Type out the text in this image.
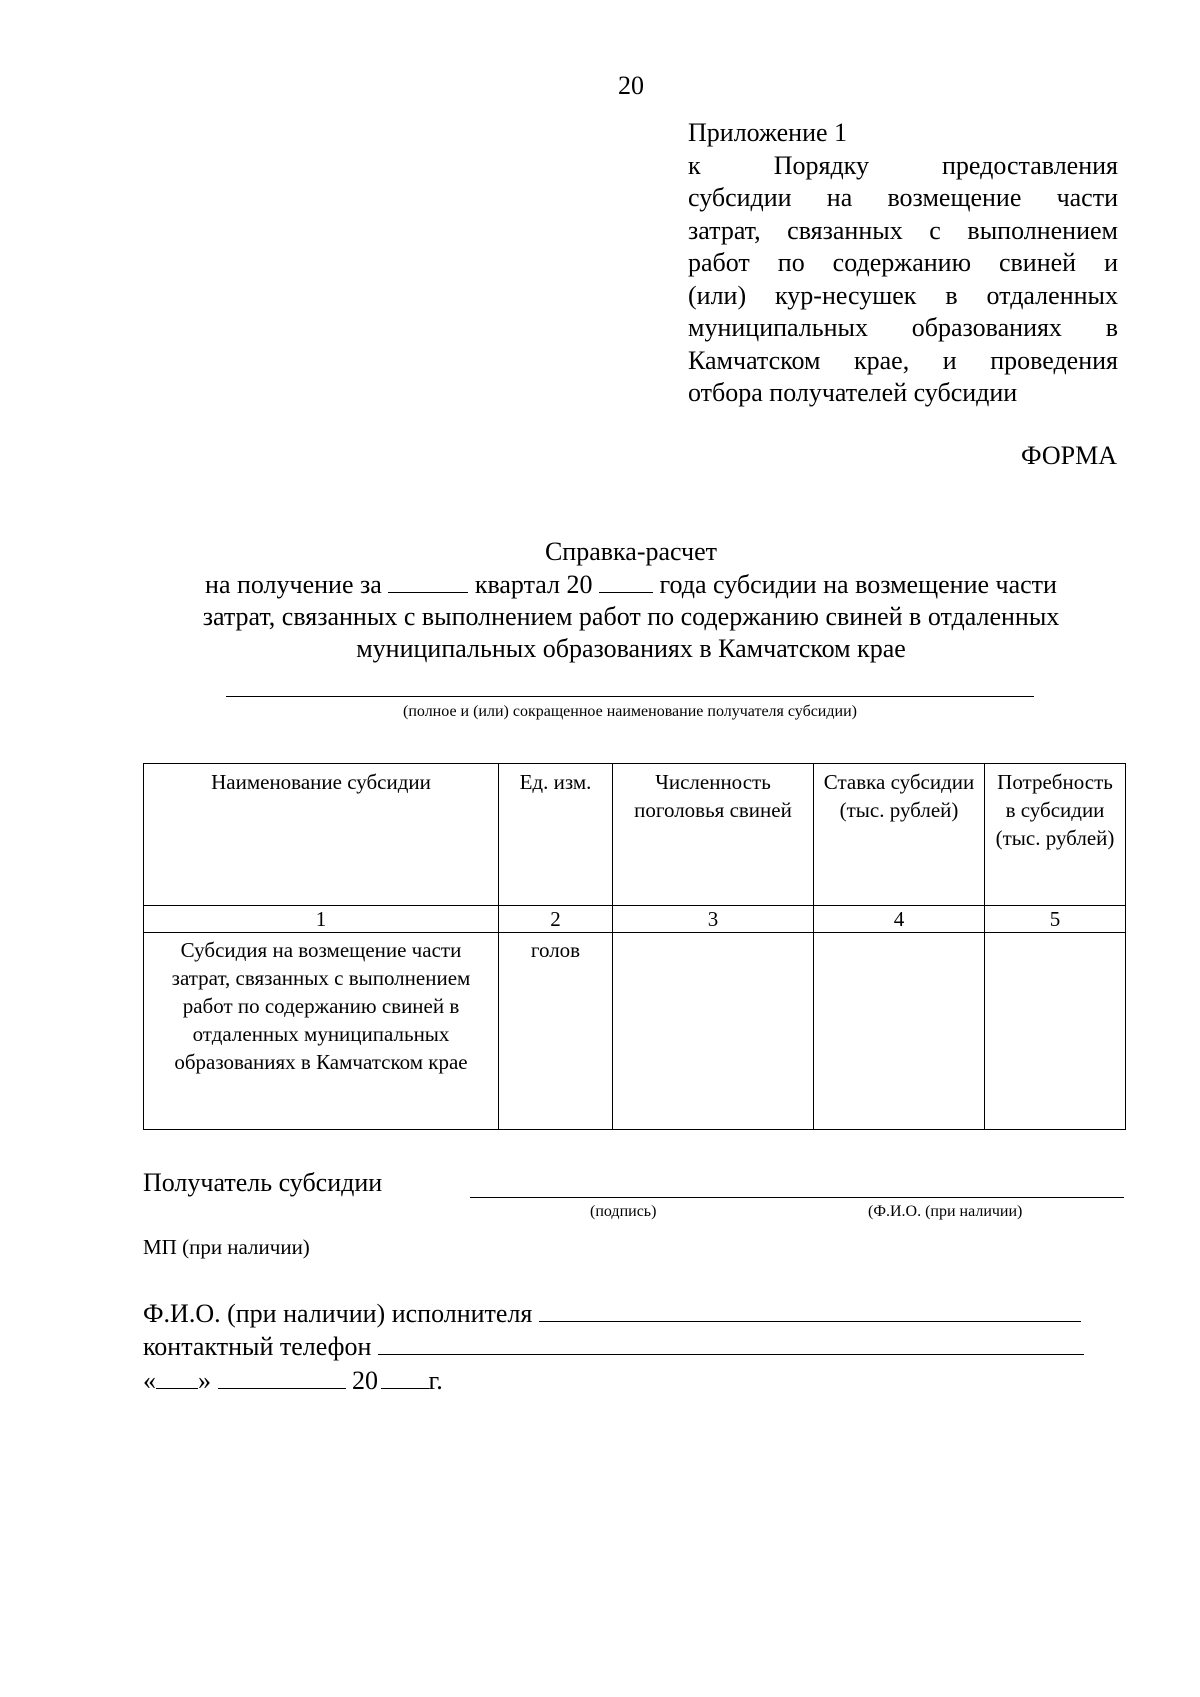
20
Приложение 1
к Порядку предоставления
субсидии на возмещение части
затрат, связанных с выполнением
работ по содержанию свиней и
(или) кур-несушек в отдаленных
муниципальных образованиях в
Камчатском крае, и проведения
отбора получателей субсидии
ФОРМА
Справка-расчет
на получение за	квартал 20	года субсидии на возмещение части
затрат, связанных с выполнением работ по содержанию свиней в отдаленных
муниципальных образованиях в Камчатском крае
(полное и (или) сокращенное наименование получателя субсидии)
Наименование субсидии	Ед. изм.	Численность поголовья свиней	Ставка субсидии (тыс. рублей)	Потребность в субсидии (тыс. рублей)
1	2	3	4	5
Субсидия на возмещение части затрат, связанных с выполнением работ по содержанию свиней в отдаленных муниципальных образованиях в Камчатском крае	голов			
Получатель субсидии
(подпись)	(Ф.И.О. (при наличии)
МП (при наличии)
Ф.И.О. (при наличии) исполнителя
контактный телефон
« »	20 г.
